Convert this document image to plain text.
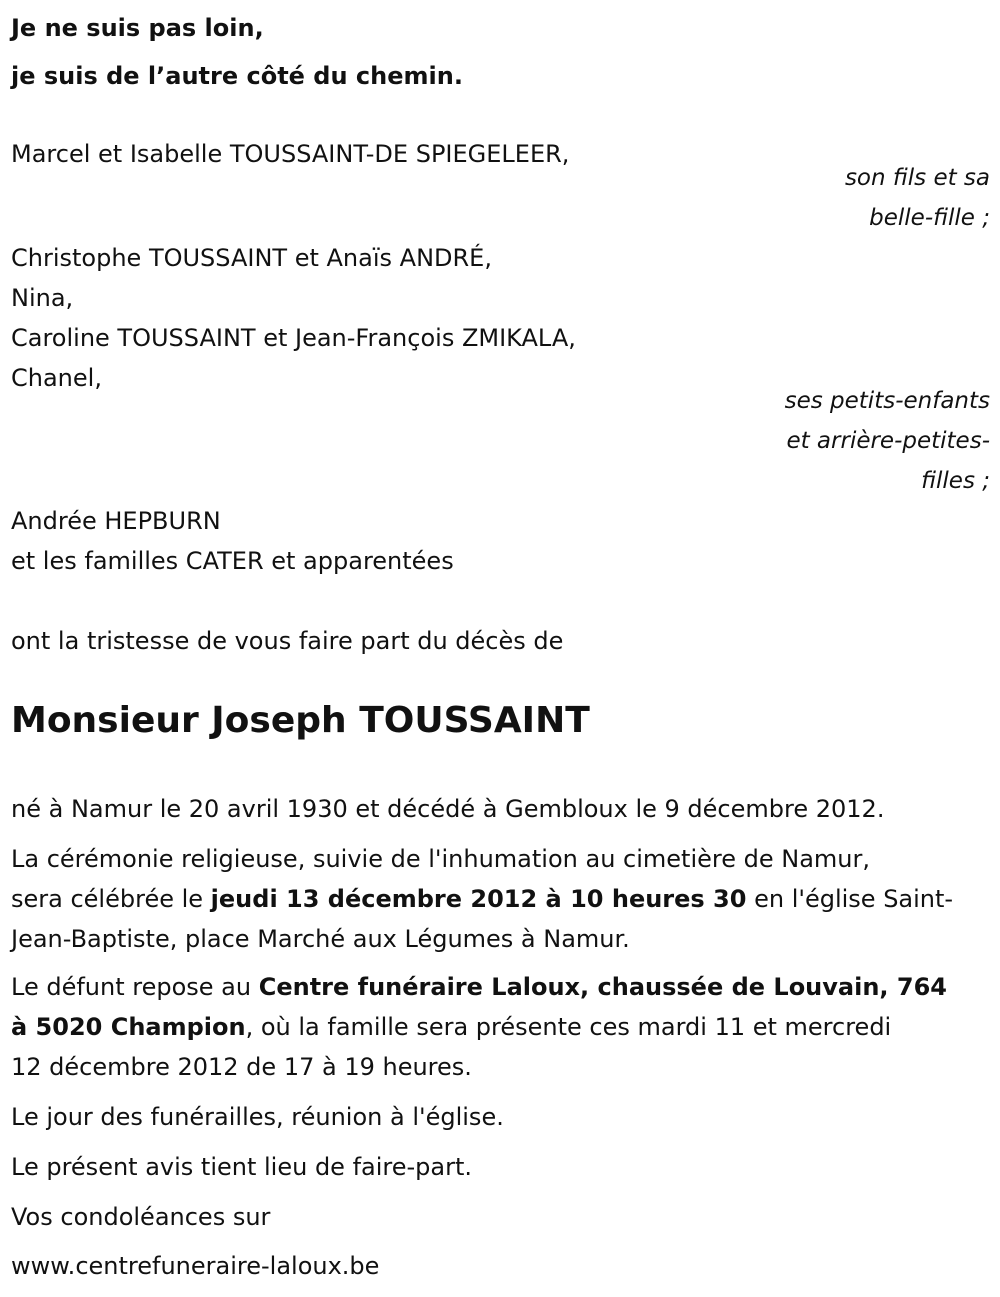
Je ne suis pas loin,
je suis de l’autre côté du chemin.
Marcel et Isabelle TOUSSAINT-DE SPIEGELEER,
son fils et sa
belle-fille ;
Christophe TOUSSAINT et Anaïs ANDRÉ,
Nina,
Caroline TOUSSAINT et Jean-François ZMIKALA,
Chanel,
ses petits-enfants
et arrière-petites-
filles ;
Andrée HEPBURN
et les familles CATER et apparentées
ont la tristesse de vous faire part du décès de
Monsieur Joseph TOUSSAINT
né à Namur le 20 avril 1930 et décédé à Gembloux le 9 décembre 2012.
La cérémonie religieuse, suivie de l'inhumation au cimetière de Namur,
sera célébrée le jeudi 13 décembre 2012 à 10 heures 30 en l'église Saint-
Jean-Baptiste, place Marché aux Légumes à Namur.
Le défunt repose au Centre funéraire Laloux, chaussée de Louvain, 764
à 5020 Champion, où la famille sera présente ces mardi 11 et mercredi
12 décembre 2012 de 17 à 19 heures.
Le jour des funérailles, réunion à l'église.
Le présent avis tient lieu de faire-part.
Vos condoléances sur
www.centrefuneraire-laloux.be
